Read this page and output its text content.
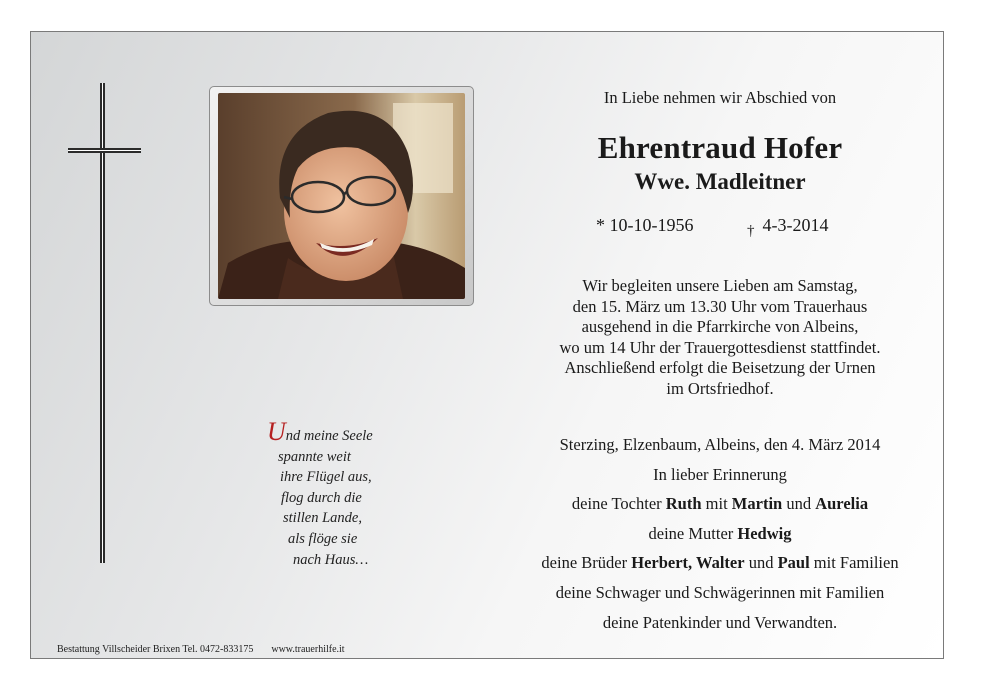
Und meine Seele
spannte weit
ihre Flügel aus,
flog durch die
stillen Lande,
als flöge sie
nach Haus…
In Liebe nehmen wir Abschied von
Ehrentraud Hofer
Wwe. Madleitner
* 10-10-1956	$_\dagger$ 4-3-2014
Wir begleiten unsere Lieben am Samstag,
den 15. März um 13.30 Uhr vom Trauerhaus
ausgehend in die Pfarrkirche von Albeins,
wo um 14 Uhr der Trauergottesdienst stattfindet.
Anschließend erfolgt die Beisetzung der Urnen
im Ortsfriedhof.
Sterzing, Elzenbaum, Albeins, den 4. März 2014
In lieber Erinnerung
deine Tochter Ruth mit Martin und Aurelia
deine Mutter Hedwig
deine Brüder Herbert, Walter und Paul mit Familien
deine Schwager und Schwägerinnen mit Familien
deine Patenkinder und Verwandten.
Bestattung Villscheider Brixen Tel. 0472-833175 www.trauerhilfe.it
